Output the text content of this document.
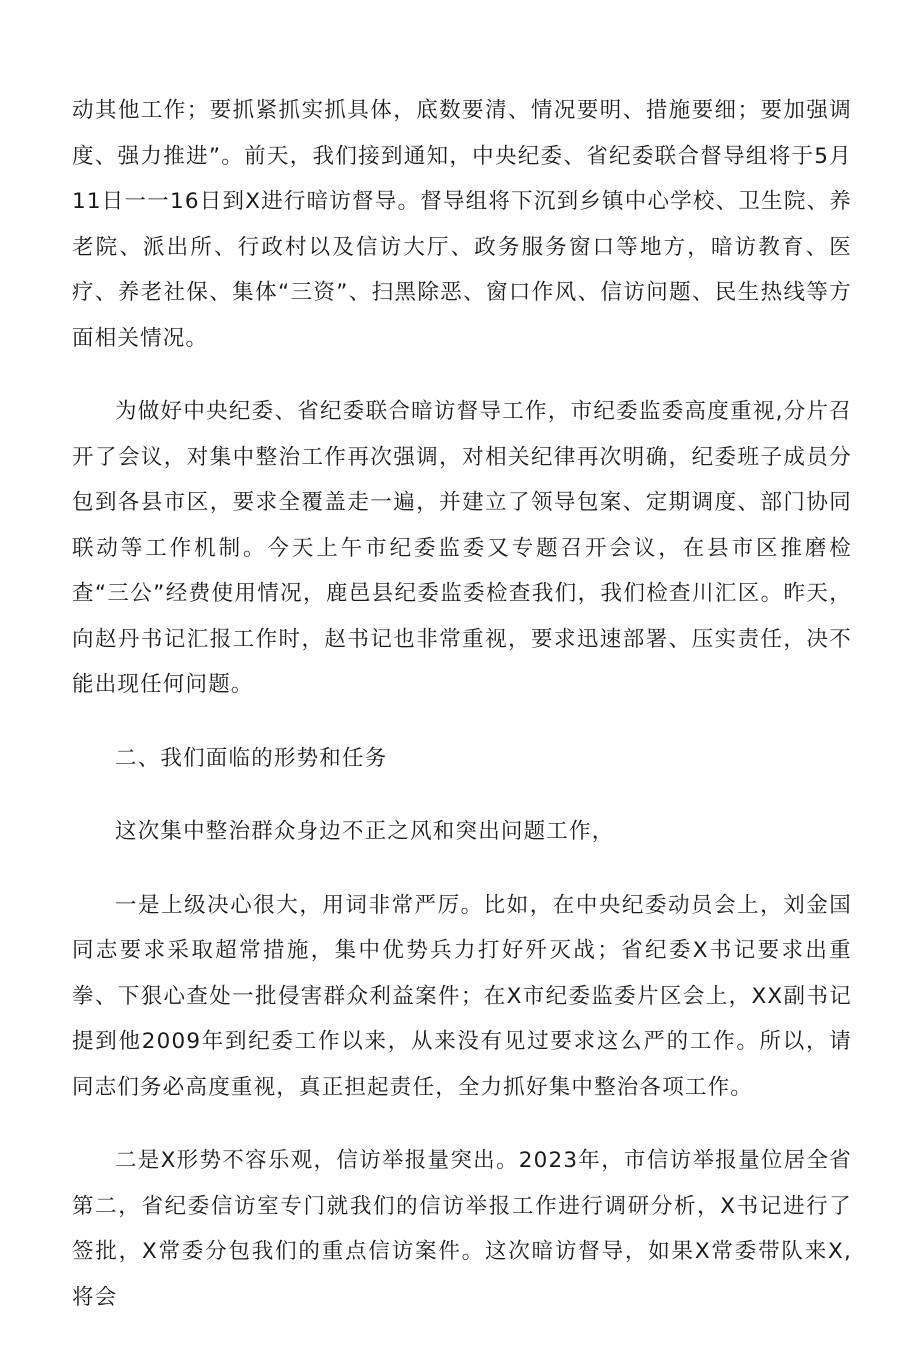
动其他工作；要抓紧抓实抓具体，底数要清、情况要明、措施要细；要加强调度、强力推进”。前天，我们接到通知，中央纪委、省纪委联合督导组将于5月11日一一16日到X进行暗访督导。督导组将下沉到乡镇中心学校、卫生院、养老院、派出所、行政村以及信访大厅、政务服务窗口等地方，暗访教育、医疗、养老社保、集体“三资”、扫黑除恶、窗口作风、信访问题、民生热线等方面相关情况。

为做好中央纪委、省纪委联合暗访督导工作，市纪委监委高度重视,分片召开了会议，对集中整治工作再次强调，对相关纪律再次明确，纪委班子成员分包到各县市区，要求全覆盖走一遍，并建立了领导包案、定期调度、部门协同联动等工作机制。今天上午市纪委监委又专题召开会议，在县市区推磨检查“三公”经费使用情况，鹿邑县纪委监委检查我们，我们检查川汇区。昨天，向赵丹书记汇报工作时，赵书记也非常重视，要求迅速部署、压实责任，决不能出现任何问题。

二、我们面临的形势和任务

这次集中整治群众身边不正之风和突出问题工作，

一是上级决心很大，用词非常严厉。比如，在中央纪委动员会上，刘金国同志要求采取超常措施，集中优势兵力打好歼灭战；省纪委X书记要求出重拳、下狠心查处一批侵害群众利益案件；在X市纪委监委片区会上，XX副书记提到他2009年到纪委工作以来，从来没有见过要求这么严的工作。所以，请同志们务必高度重视，真正担起责任，全力抓好集中整治各项工作。

二是X形势不容乐观，信访举报量突出。2023年，市信访举报量位居全省第二，省纪委信访室专门就我们的信访举报工作进行调研分析，X书记进行了签批，X常委分包我们的重点信访案件。这次暗访督导，如果X常委带队来X,将会
